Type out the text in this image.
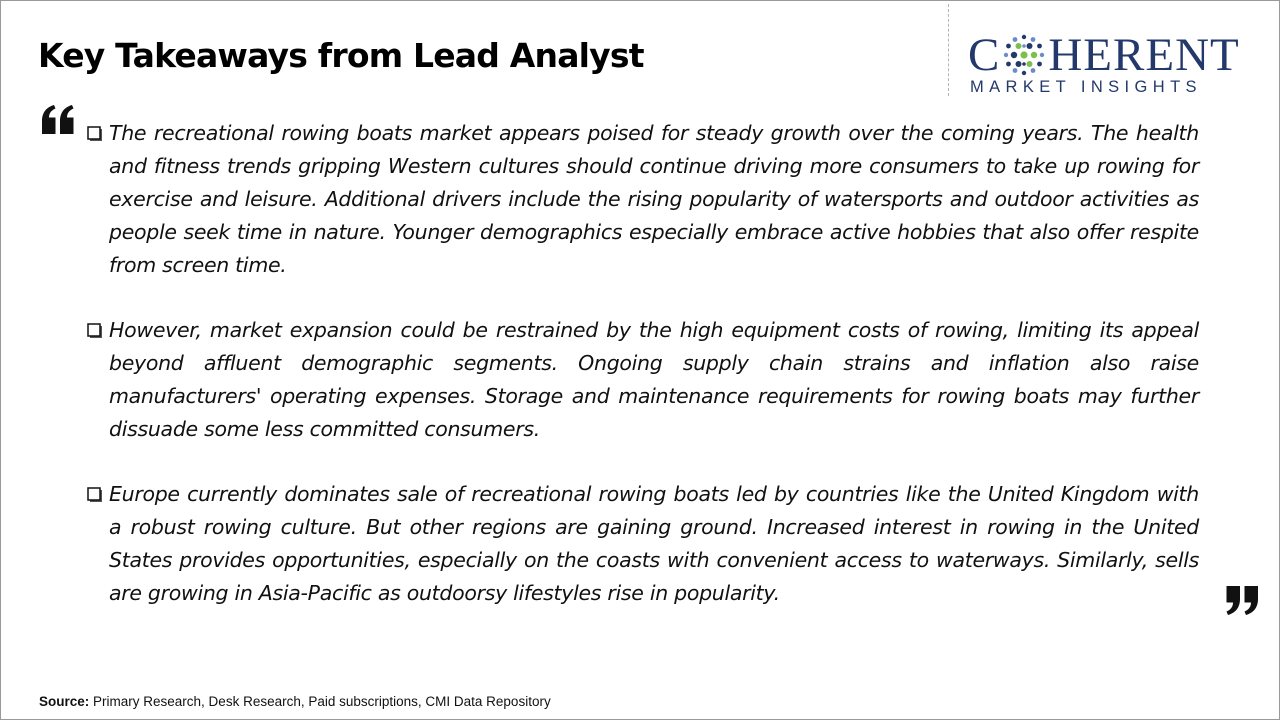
Key Takeaways from Lead Analyst	C HERENT
MARKET INSIGHTS
The recreational rowing boats market appears poised for steady growth over the coming years. The health and fitness trends gripping Western cultures should continue driving more consumers to take up rowing for exercise and leisure. Additional drivers include the rising popularity of watersports and outdoor activities as people seek time in nature. Younger demographics especially embrace active hobbies that also offer respite from screen time.
However, market expansion could be restrained by the high equipment costs of rowing, limiting its appeal beyond affluent demographic segments. Ongoing supply chain strains and inflation also raise manufacturers' operating expenses. Storage and maintenance requirements for rowing boats may further dissuade some less committed consumers.
Europe currently dominates sale of recreational rowing boats led by countries like the United Kingdom with a robust rowing culture. But other regions are gaining ground. Increased interest in rowing in the United States provides opportunities, especially on the coasts with convenient access to waterways. Similarly, sells are growing in Asia-Pacific as outdoorsy lifestyles rise in popularity.
Source: Primary Research, Desk Research, Paid subscriptions, CMI Data Repository
